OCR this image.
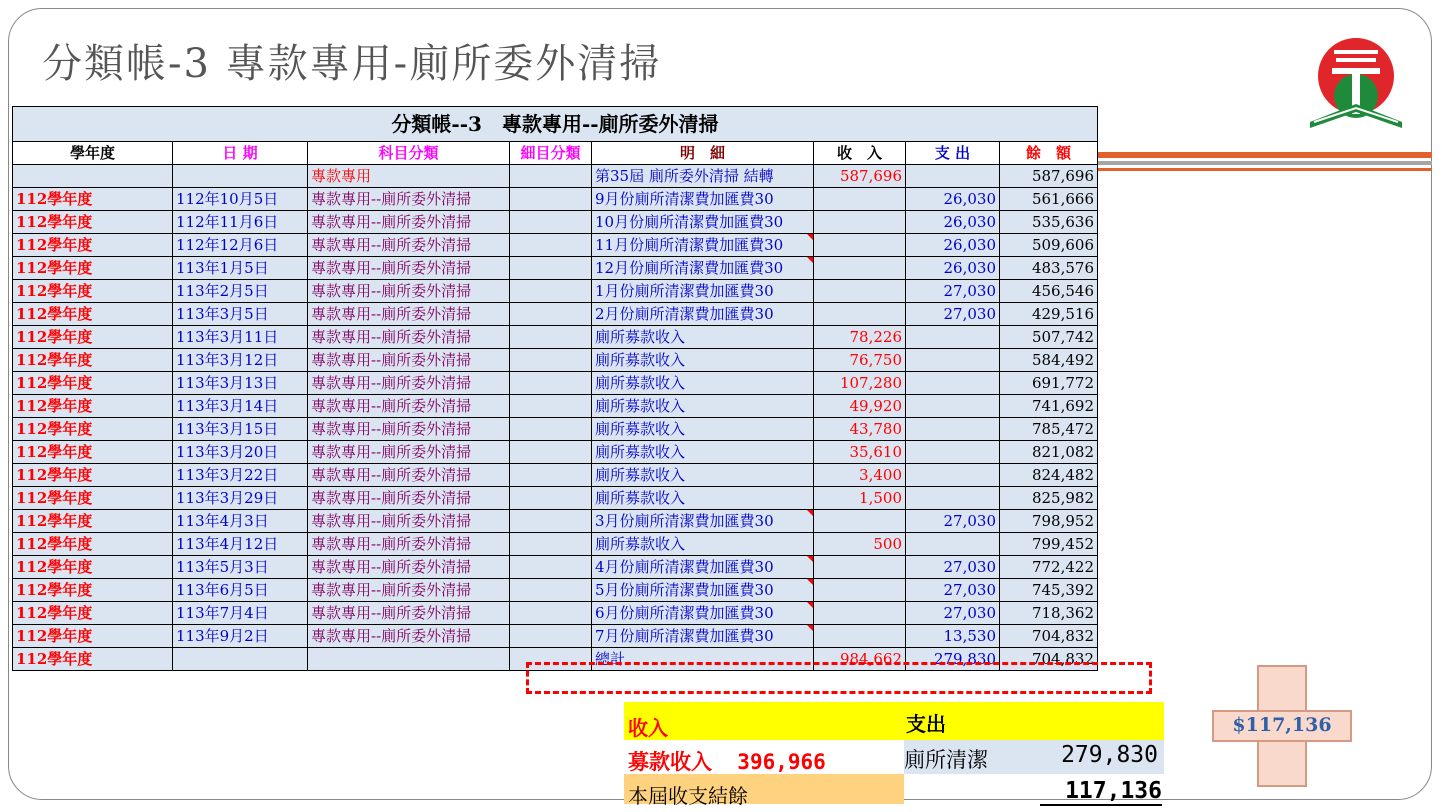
分類帳-3 專款專用-廁所委外清掃
分類帳--3　專款專用--廁所委外清掃							
學年度	日 期	科目分類	細目分類	明　細	收　入	支 出	餘　額
		專款專用		第35屆 廁所委外清掃 結轉	587,696		587,696
112學年度	112年10月5日	專款專用--廁所委外清掃		9月份廁所清潔費加匯費30		26,030	561,666
112學年度	112年11月6日	專款專用--廁所委外清掃		10月份廁所清潔費加匯費30		26,030	535,636
112學年度	112年12月6日	專款專用--廁所委外清掃		11月份廁所清潔費加匯費30		26,030	509,606
112學年度	113年1月5日	專款專用--廁所委外清掃		12月份廁所清潔費加匯費30		26,030	483,576
112學年度	113年2月5日	專款專用--廁所委外清掃		1月份廁所清潔費加匯費30		27,030	456,546
112學年度	113年3月5日	專款專用--廁所委外清掃		2月份廁所清潔費加匯費30		27,030	429,516
112學年度	113年3月11日	專款專用--廁所委外清掃		廁所募款收入	78,226		507,742
112學年度	113年3月12日	專款專用--廁所委外清掃		廁所募款收入	76,750		584,492
112學年度	113年3月13日	專款專用--廁所委外清掃		廁所募款收入	107,280		691,772
112學年度	113年3月14日	專款專用--廁所委外清掃		廁所募款收入	49,920		741,692
112學年度	113年3月15日	專款專用--廁所委外清掃		廁所募款收入	43,780		785,472
112學年度	113年3月20日	專款專用--廁所委外清掃		廁所募款收入	35,610		821,082
112學年度	113年3月22日	專款專用--廁所委外清掃		廁所募款收入	3,400		824,482
112學年度	113年3月29日	專款專用--廁所委外清掃		廁所募款收入	1,500		825,982
112學年度	113年4月3日	專款專用--廁所委外清掃		3月份廁所清潔費加匯費30		27,030	798,952
112學年度	113年4月12日	專款專用--廁所委外清掃		廁所募款收入	500		799,452
112學年度	113年5月3日	專款專用--廁所委外清掃		4月份廁所清潔費加匯費30		27,030	772,422
112學年度	113年6月5日	專款專用--廁所委外清掃		5月份廁所清潔費加匯費30		27,030	745,392
112學年度	113年7月4日	專款專用--廁所委外清掃		6月份廁所清潔費加匯費30		27,030	718,362
112學年度	113年9月2日	專款專用--廁所委外清掃		7月份廁所清潔費加匯費30		13,530	704,832
112學年度				總計	984,662	279,830	704,832
收入	支出
募款收入 396,966	廁所清潔	279,830
本屆收支結餘	117,136
$117,136
